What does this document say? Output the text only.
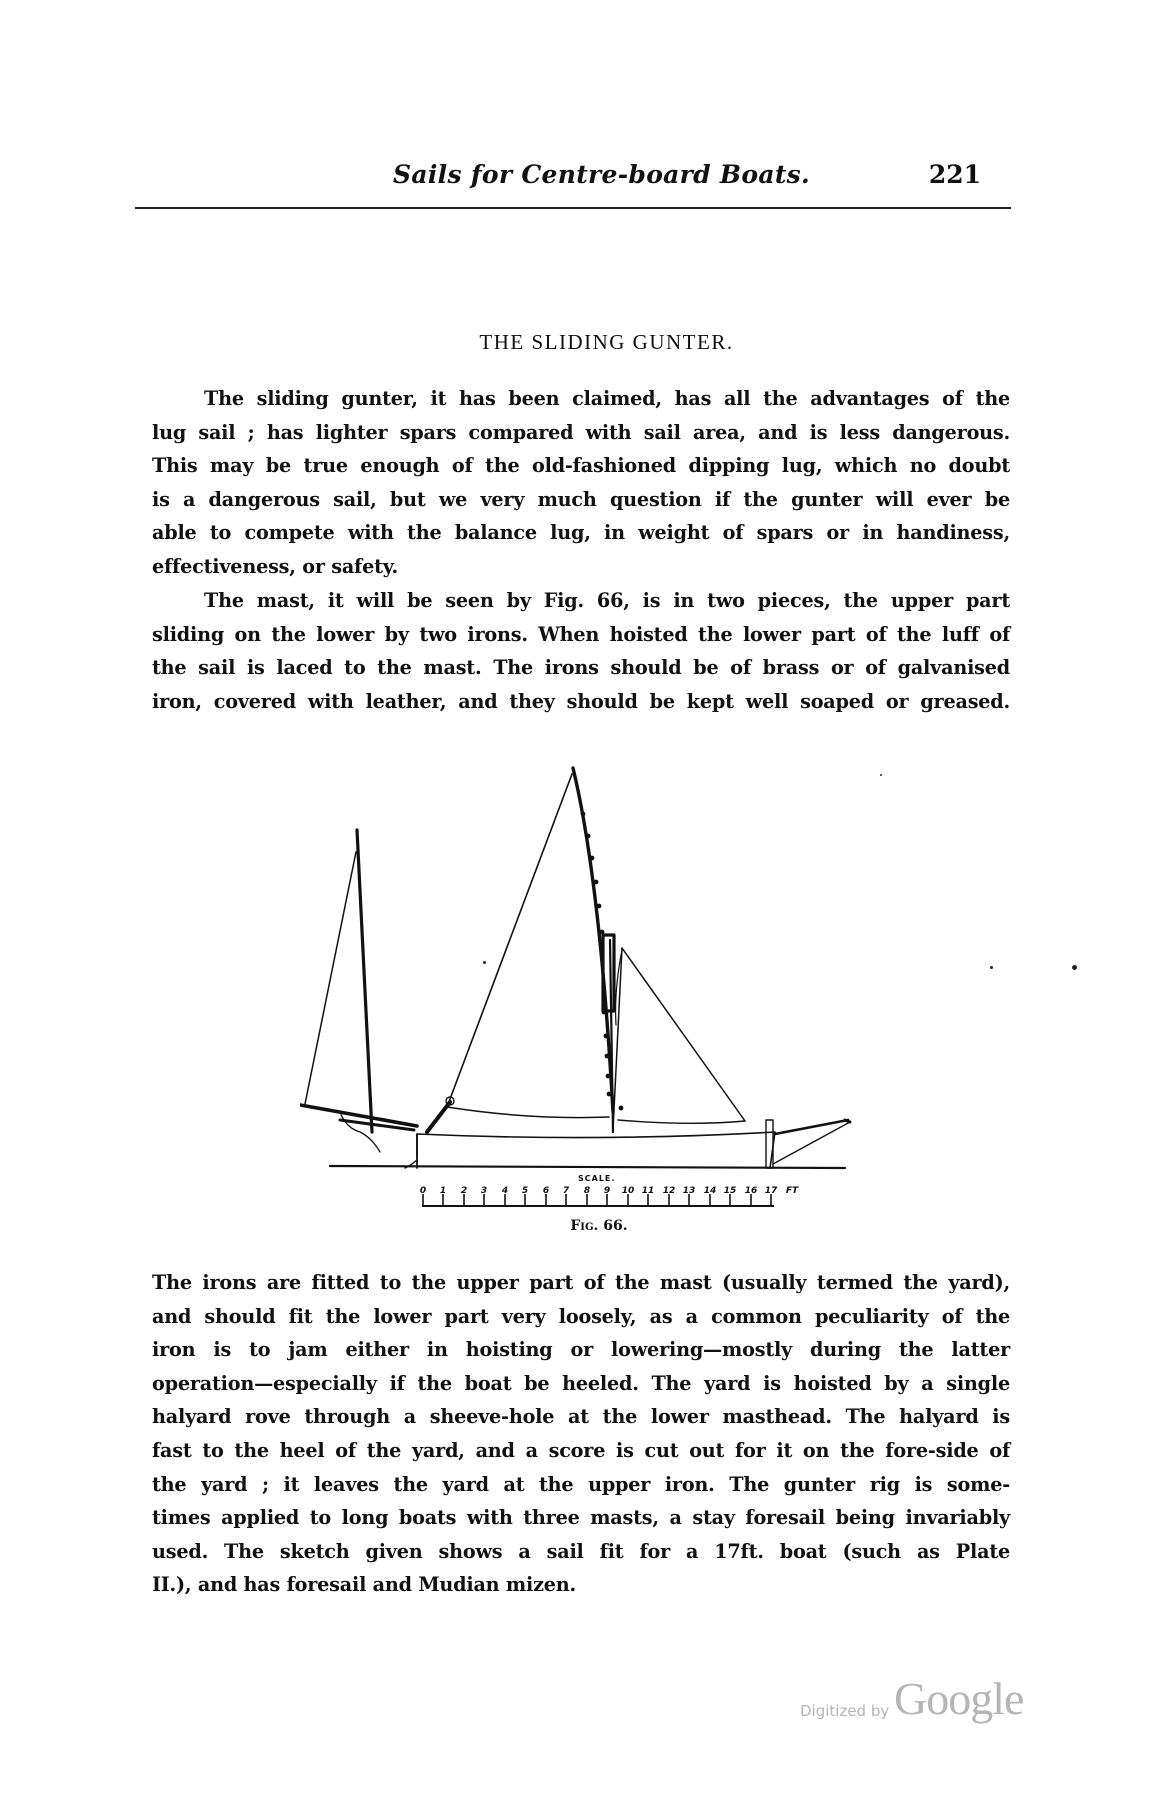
Sails for Centre-board Boats.	221
THE SLIDING GUNTER.
The sliding gunter, it has been claimed, has all the advantages of the
lug sail ; has lighter spars compared with sail area, and is less dangerous.
This may be true enough of the old-fashioned dipping lug, which no doubt
is a dangerous sail, but we very much question if the gunter will ever be
able to compete with the balance lug, in weight of spars or in handiness,
effectiveness, or safety.
The mast, it will be seen by Fig. 66, is in two pieces, the upper part
sliding on the lower by two irons. When hoisted the lower part of the luff of
the sail is laced to the mast. The irons should be of brass or of galvanised
iron, covered with leather, and they should be kept well soaped or greased.
SCALE.
0 1 2 3 4 5 6 7 8 9 10 11 12 13 14 15 16 17 FT
Fig. 66.
The irons are fitted to the upper part of the mast (usually termed the yard),
and should fit the lower part very loosely, as a common peculiarity of the
iron is to jam either in hoisting or lowering—mostly during the latter
operation—especially if the boat be heeled. The yard is hoisted by a single
halyard rove through a sheeve-hole at the lower masthead. The halyard is
fast to the heel of the yard, and a score is cut out for it on the fore-side of
the yard ; it leaves the yard at the upper iron. The gunter rig is some-
times applied to long boats with three masts, a stay foresail being invariably
used. The sketch given shows a sail fit for a 17ft. boat (such as Plate
II.), and has foresail and Mudian mizen.
Digitized by Google
